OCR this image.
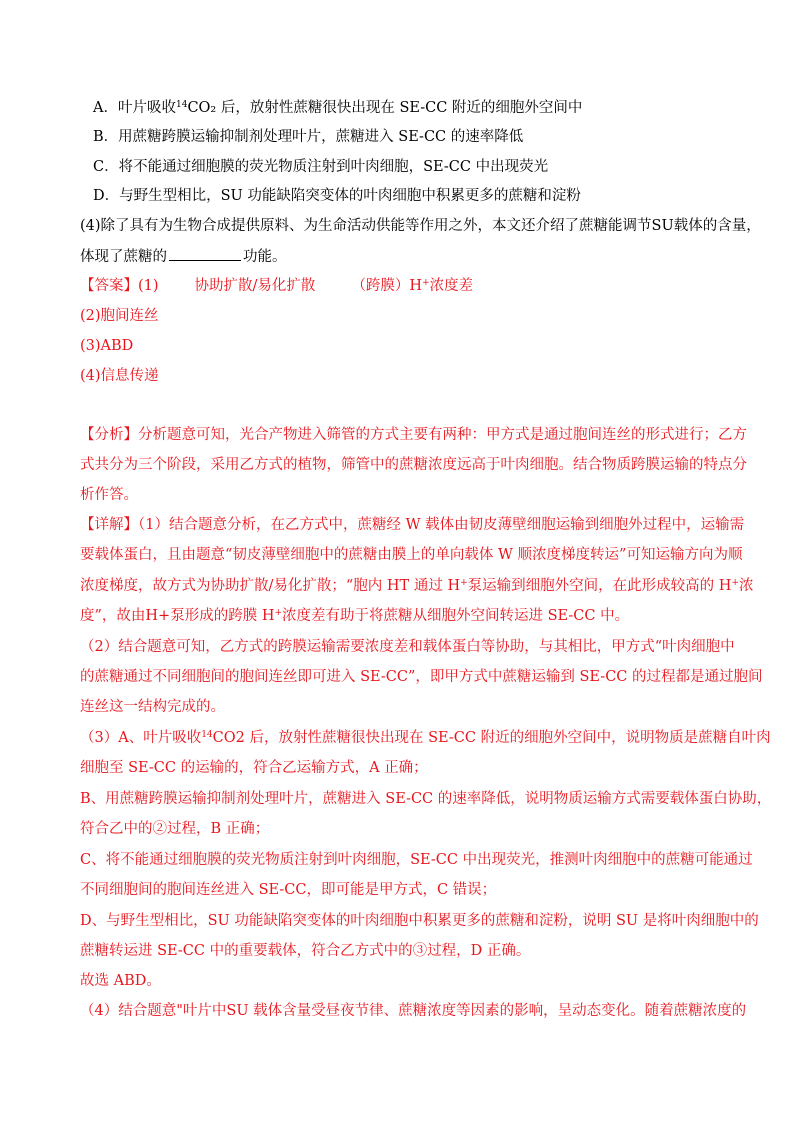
A．叶片吸收$^{14}$CO₂ 后，放射性蔗糖很快出现在 SE-CC 附近的细胞外空间中
B．用蔗糖跨膜运输抑制剂处理叶片，蔗糖进入 SE-CC 的速率降低
C．将不能通过细胞膜的荧光物质注射到叶肉细胞，SE-CC 中出现荧光
D．与野生型相比，SU 功能缺陷突变体的叶肉细胞中积累更多的蔗糖和淀粉
(4)除了具有为生物合成提供原料、为生命活动供能等作用之外，本文还介绍了蔗糖能调节SU载体的含量，
体现了蔗糖的	功能。
【答案】(1) 协助扩散/易化扩散 （跨膜）H+浓度差
(2)胞间连丝
(3)ABD
(4)信息传递
【分析】分析题意可知，光合产物进入筛管的方式主要有两种：甲方式是通过胞间连丝的形式进行；乙方
式共分为三个阶段，采用乙方式的植物，筛管中的蔗糖浓度远高于叶肉细胞。结合物质跨膜运输的特点分
析作答。
【详解】（1）结合题意分析，在乙方式中，蔗糖经 W 载体由韧皮薄壁细胞运输到细胞外过程中，运输需
要载体蛋白，且由题意“韧皮薄壁细胞中的蔗糖由膜上的单向载体 W 顺浓度梯度转运”可知运输方向为顺
浓度梯度，故方式为协助扩散/易化扩散；“胞内 HT 通过 H+泵运输到细胞外空间，在此形成较高的 H+浓
度”，故由H+泵形成的跨膜 H+浓度差有助于将蔗糖从细胞外空间转运进 SE-CC 中。
（2）结合题意可知，乙方式的跨膜运输需要浓度差和载体蛋白等协助，与其相比，甲方式“叶肉细胞中
的蔗糖通过不同细胞间的胞间连丝即可进入 SE-CC”，即甲方式中蔗糖运输到 SE-CC 的过程都是通过胞间
连丝这一结构完成的。
（3）A、叶片吸收$^{14}$CO2 后，放射性蔗糖很快出现在 SE-CC 附近的细胞外空间中，说明物质是蔗糖自叶肉
细胞至 SE-CC 的运输的，符合乙运输方式，A 正确；
B、用蔗糖跨膜运输抑制剂处理叶片，蔗糖进入 SE-CC 的速率降低，说明物质运输方式需要载体蛋白协助，
符合乙中的②过程，B 正确；
C、将不能通过细胞膜的荧光物质注射到叶肉细胞，SE-CC 中出现荧光，推测叶肉细胞中的蔗糖可能通过
不同细胞间的胞间连丝进入 SE-CC，即可能是甲方式，C 错误；
D、与野生型相比，SU 功能缺陷突变体的叶肉细胞中积累更多的蔗糖和淀粉，说明 SU 是将叶肉细胞中的
蔗糖转运进 SE-CC 中的重要载体，符合乙方式中的③过程，D 正确。
故选 ABD。
（4）结合题意"叶片中SU 载体含量受昼夜节律、蔗糖浓度等因素的影响，呈动态变化。随着蔗糖浓度的
